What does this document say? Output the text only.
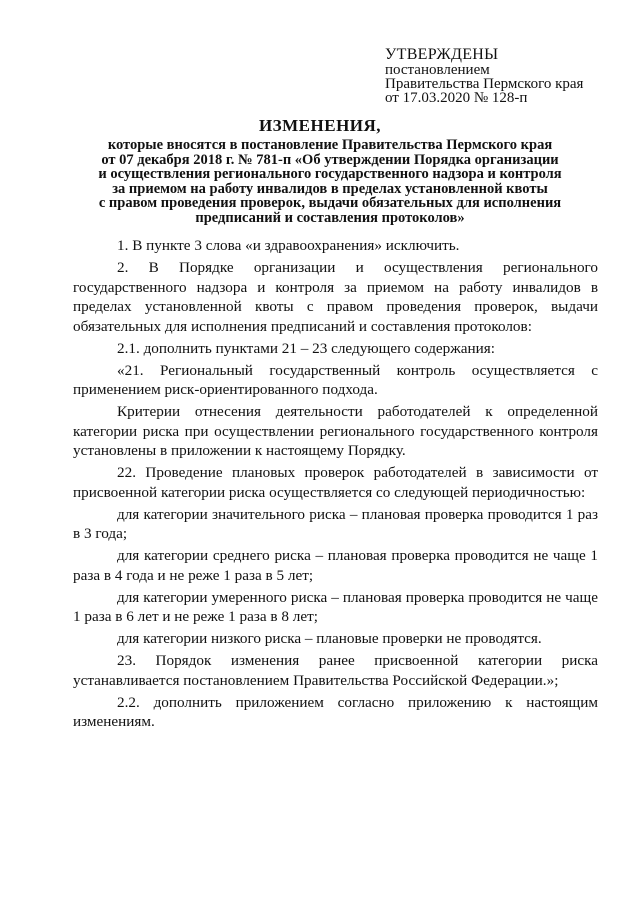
УТВЕРЖДЕНЫ
постановлением
Правительства Пермского края
от 17.03.2020 № 128-п
ИЗМЕНЕНИЯ,
которые вносятся в постановление Правительства Пермского края
от 07 декабря 2018 г. № 781-п «Об утверждении Порядка организации
и осуществления регионального государственного надзора и контроля
за приемом на работу инвалидов в пределах установленной квоты
с правом проведения проверок, выдачи обязательных для исполнения
предписаний и составления протоколов»

1. В пункте 3 слова «и здравоохранения» исключить.

2. В Порядке организации и осуществления регионального государственного надзора и контроля за приемом на работу инвалидов в пределах установленной квоты с правом проведения проверок, выдачи обязательных для исполнения предписаний и составления протоколов:

2.1. дополнить пунктами 21 – 23 следующего содержания:

«21. Региональный государственный контроль осуществляется с применением риск-ориентированного подхода.

Критерии отнесения деятельности работодателей к определенной категории риска при осуществлении регионального государственного контроля установлены в приложении к настоящему Порядку.

22. Проведение плановых проверок работодателей в зависимости от присвоенной категории риска осуществляется со следующей периодичностью:

для категории значительного риска – плановая проверка проводится 1 раз в 3 года;

для категории среднего риска – плановая проверка проводится не чаще 1 раза в 4 года и не реже 1 раза в 5 лет;

для категории умеренного риска – плановая проверка проводится не чаще 1 раза в 6 лет и не реже 1 раза в 8 лет;

для категории низкого риска – плановые проверки не проводятся.

23. Порядок изменения ранее присвоенной категории риска устанавливается постановлением Правительства Российской Федерации.»;

2.2. дополнить приложением согласно приложению к настоящим изменениям.
